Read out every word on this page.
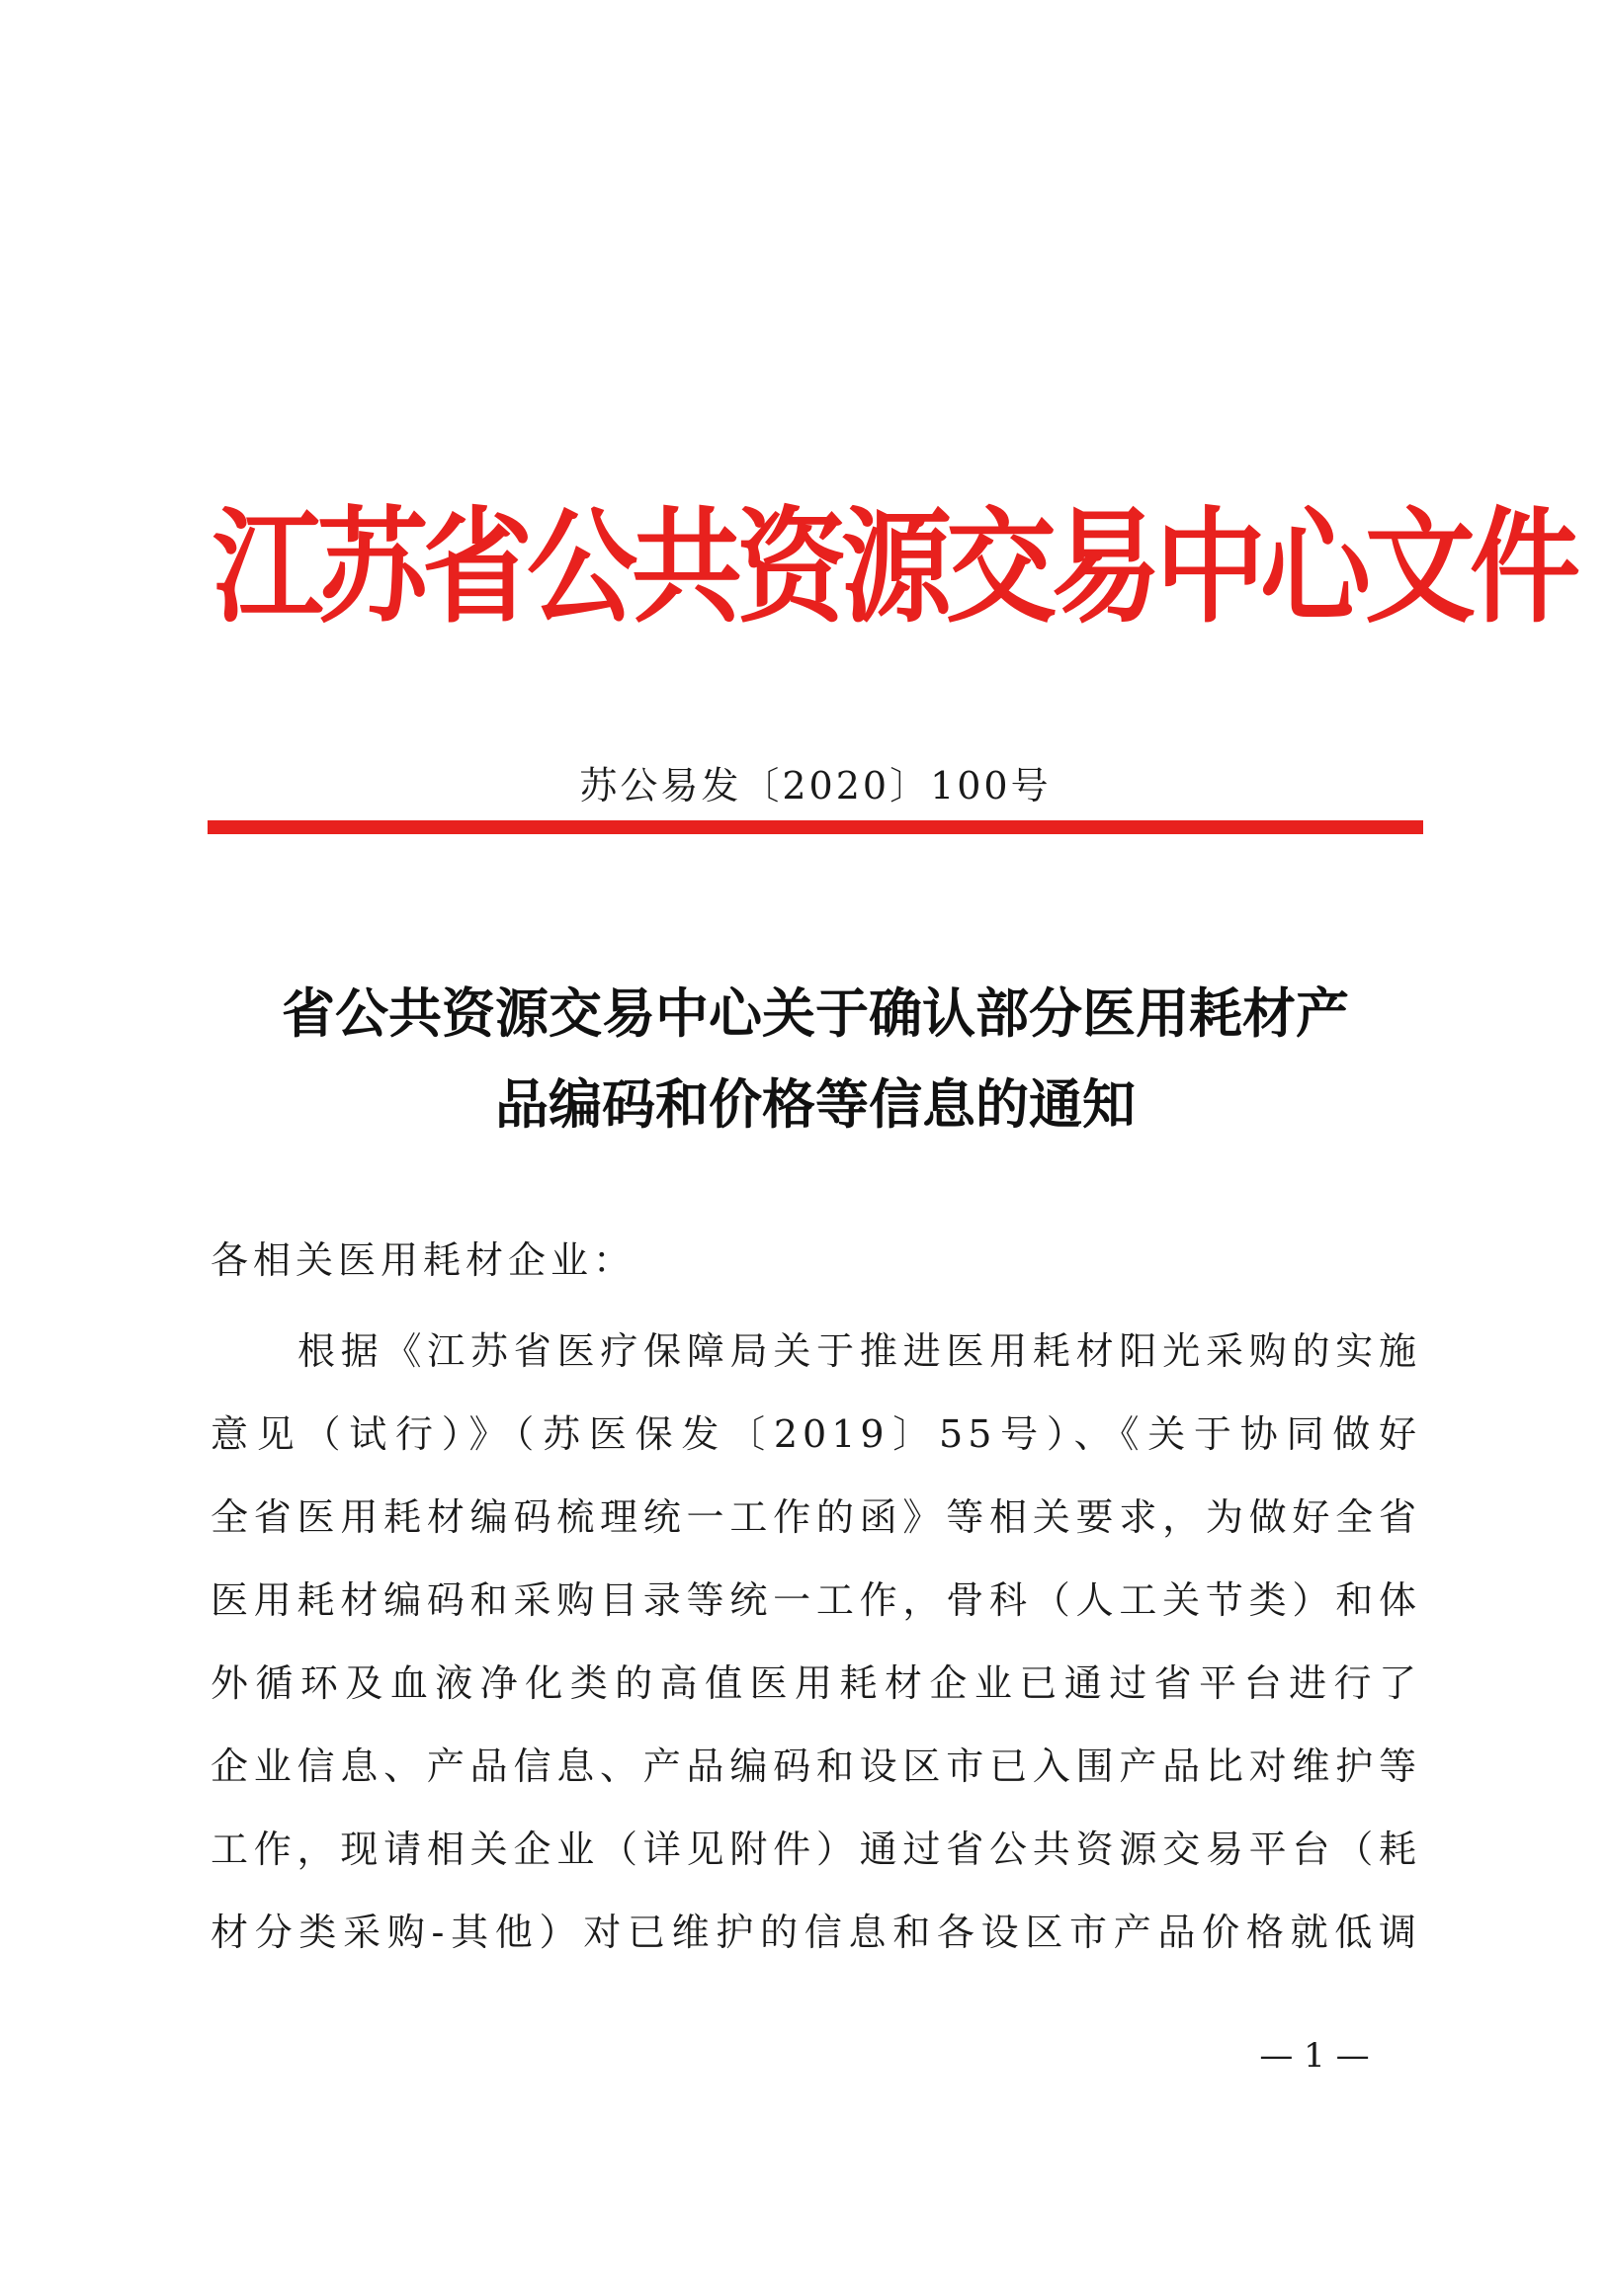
江苏省公共资源交易中心文件
苏公易发〔2020〕100号
省公共资源交易中心关于确认部分医用耗材产
品编码和价格等信息的通知
各相关医用耗材企业：
根据《江苏省医疗保障局关于推进医用耗材阳光采购的实施
意见（试行）》（苏医保发〔2019〕55号）、《关于协同做好
全省医用耗材编码梳理统一工作的函》等相关要求，为做好全省
医用耗材编码和采购目录等统一工作，骨科（人工关节类）和体
外循环及血液净化类的高值医用耗材企业已通过省平台进行了
企业信息、产品信息、产品编码和设区市已入围产品比对维护等
工作，现请相关企业（详见附件）通过省公共资源交易平台（耗
材分类采购-其他）对已维护的信息和各设区市产品价格就低调
— 1 —
